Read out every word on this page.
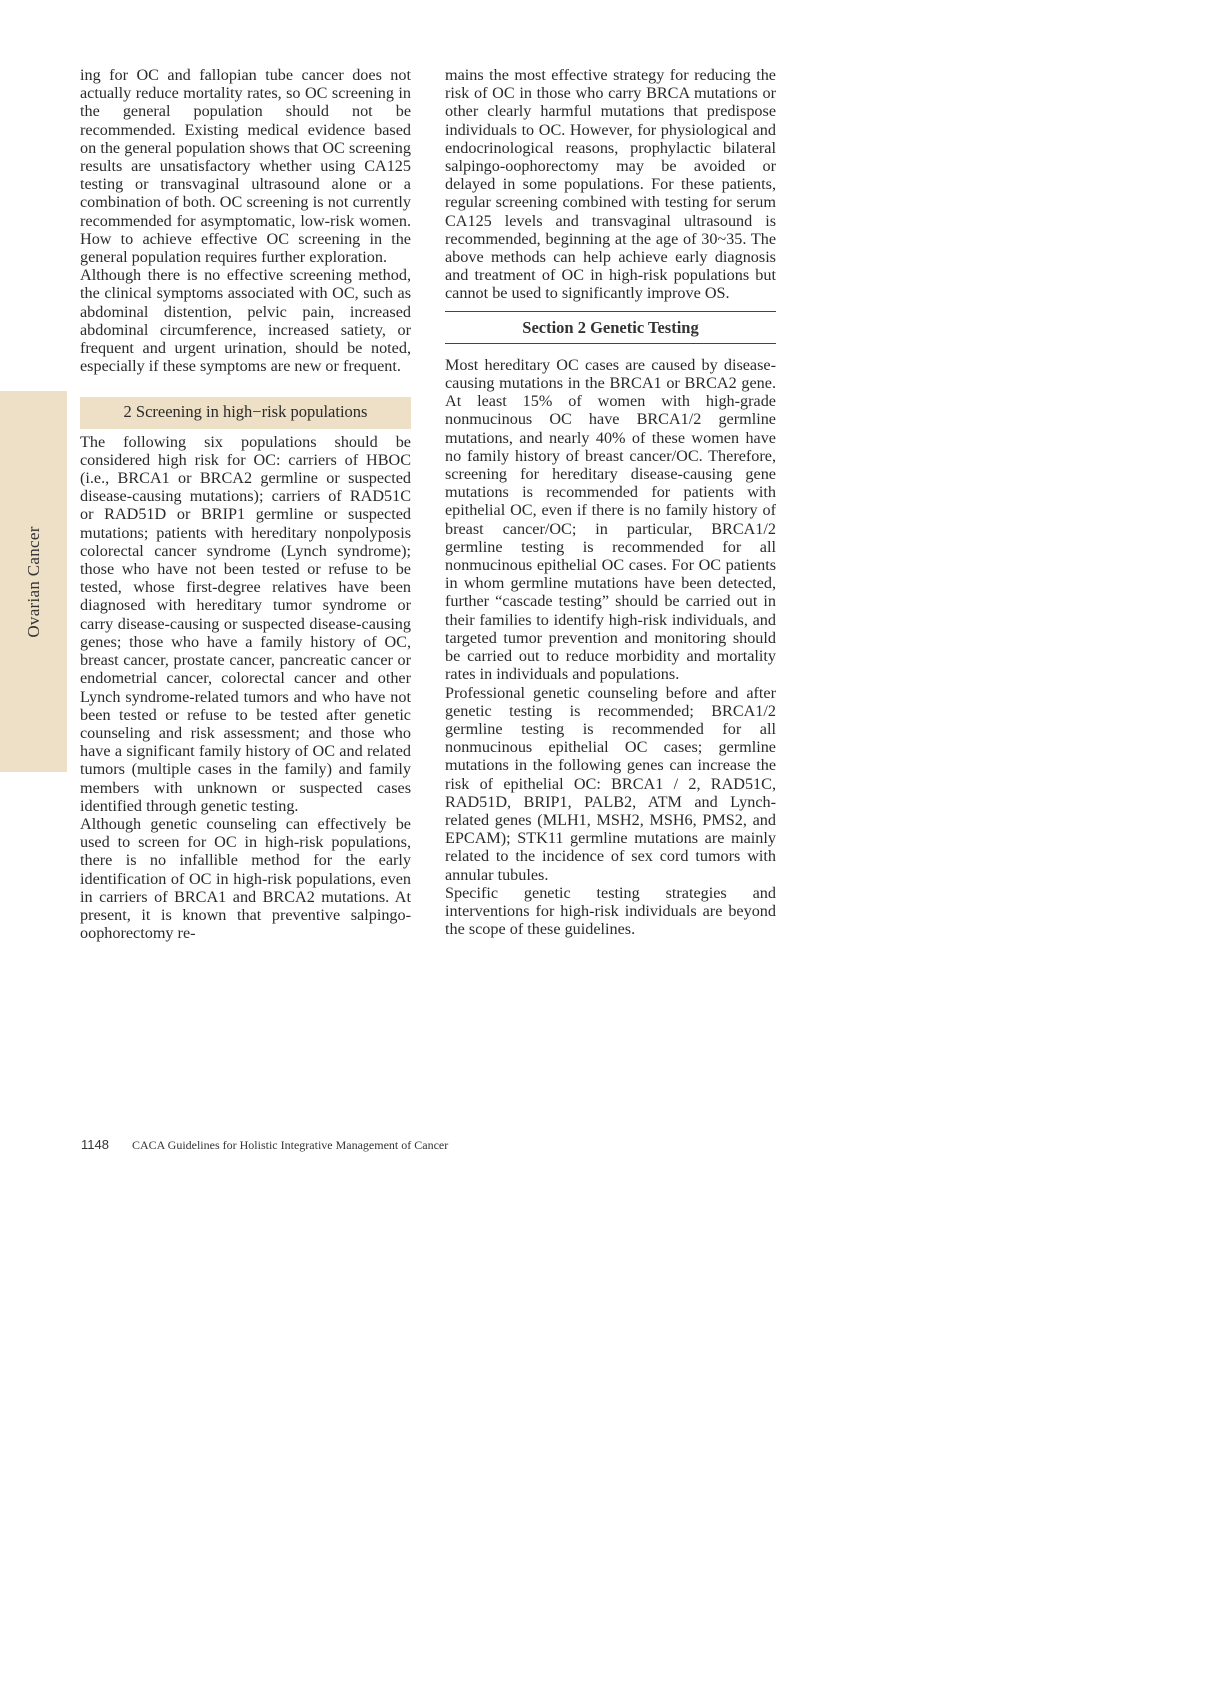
Ovarian Cancer

ing for OC and fallopian tube cancer does not actually reduce mortality rates, so OC screening in the general population should not be recommended. Existing medical evidence based on the general population shows that OC screening results are unsatisfactory whether using CA125 testing or transvaginal ultrasound alone or a combination of both. OC screening is not currently recommended for asymptomatic, low-risk women. How to achieve effective OC screening in the general population requires further exploration.

Although there is no effective screening method, the clinical symptoms associated with OC, such as abdominal distention, pelvic pain, increased abdominal circumference, increased satiety, or frequent and urgent urination, should be noted, especially if these symptoms are new or frequent.

2 Screening in high−risk populations

The following six populations should be considered high risk for OC: carriers of HBOC (i.e., BRCA1 or BRCA2 germline or suspected disease-causing mutations); carriers of RAD51C or RAD51D or BRIP1 germline or suspected mutations; patients with hereditary nonpolyposis colorectal cancer syndrome (Lynch syndrome); those who have not been tested or refuse to be tested, whose first-degree relatives have been diagnosed with hereditary tumor syndrome or carry disease-causing or suspected disease-causing genes; those who have a family history of OC, breast cancer, prostate cancer, pancreatic cancer or endometrial cancer, colorectal cancer and other Lynch syndrome-related tumors and who have not been tested or refuse to be tested after genetic counseling and risk assessment; and those who have a significant family history of OC and related tumors (multiple cases in the family) and family members with unknown or suspected cases identified through genetic testing.

Although genetic counseling can effectively be used to screen for OC in high-risk populations, there is no infallible method for the early identification of OC in high-risk populations, even in carriers of BRCA1 and BRCA2 mutations. At present, it is known that preventive salpingo-oophorectomy re-

mains the most effective strategy for reducing the risk of OC in those who carry BRCA mutations or other clearly harmful mutations that predispose individuals to OC. However, for physiological and endocrinological reasons, prophylactic bilateral salpingo-oophorectomy may be avoided or delayed in some populations. For these patients, regular screening combined with testing for serum CA125 levels and transvaginal ultrasound is recommended, beginning at the age of 30~35. The above methods can help achieve early diagnosis and treatment of OC in high-risk populations but cannot be used to significantly improve OS.

Section 2 Genetic Testing

Most hereditary OC cases are caused by disease-causing mutations in the BRCA1 or BRCA2 gene. At least 15% of women with high-grade nonmucinous OC have BRCA1/2 germline mutations, and nearly 40% of these women have no family history of breast cancer/OC. Therefore, screening for hereditary disease-causing gene mutations is recommended for patients with epithelial OC, even if there is no family history of breast cancer/OC; in particular, BRCA1/2 germline testing is recommended for all nonmucinous epithelial OC cases. For OC patients in whom germline mutations have been detected, further “cascade testing” should be carried out in their families to identify high-risk individuals, and targeted tumor prevention and monitoring should be carried out to reduce morbidity and mortality rates in individuals and populations.

Professional genetic counseling before and after genetic testing is recommended; BRCA1/2 germline testing is recommended for all nonmucinous epithelial OC cases; germline mutations in the following genes can increase the risk of epithelial OC: BRCA1 / 2, RAD51C, RAD51D, BRIP1, PALB2, ATM and Lynch-related genes (MLH1, MSH2, MSH6, PMS2, and EPCAM); STK11 germline mutations are mainly related to the incidence of sex cord tumors with annular tubules.

Specific genetic testing strategies and interventions for high-risk individuals are beyond the scope of these guidelines.

1148 CACA Guidelines for Holistic Integrative Management of Cancer
